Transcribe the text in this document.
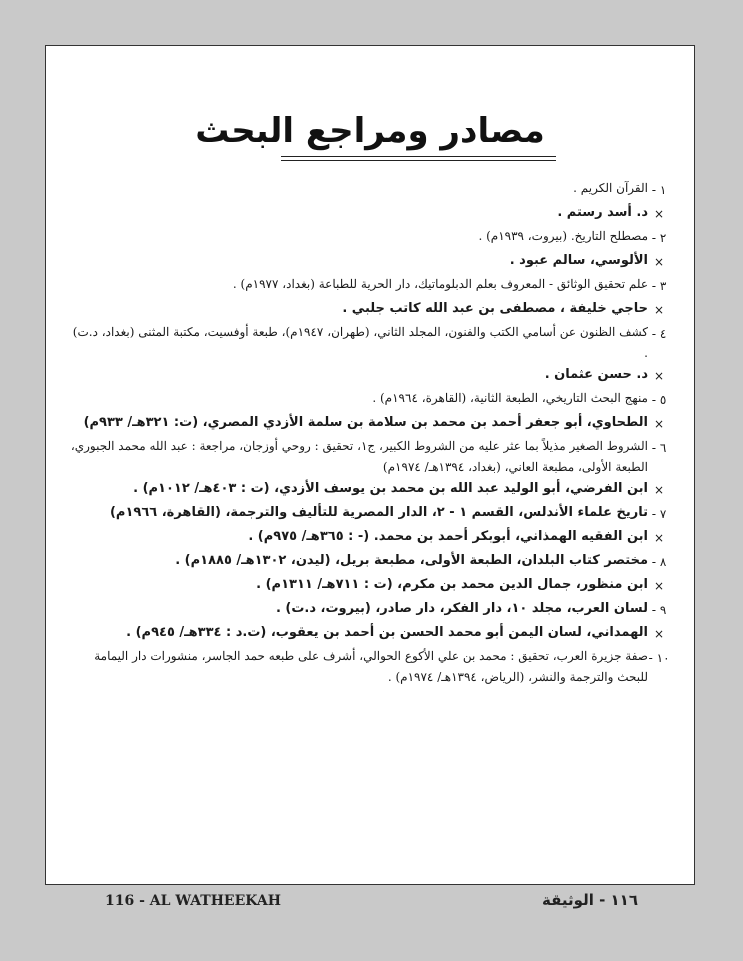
مصادر ومراجع البحث
١ -
القرآن الكريم .
×
د. أسد رستم .
٢ -
مصطلح التاريخ. (بيروت، ١٩٣٩م) .
×
الألوسي، سالم عبود .
٣ -
علم تحقيق الوثائق - المعروف بعلم الدبلوماتيك، دار الحرية للطباعة (بغداد، ١٩٧٧م) .
×
حاجي خليفة ، مصطفى بن عبد الله كاتب جلبي .
٤ -
كشف الظنون عن أسامي الكتب والفنون، المجلد الثاني، (طهران، ١٩٤٧م)، طبعة أوفسيت، مكتبة المثنى (بغداد، د.ت) .
×
د. حسن عثمان .
٥ -
منهج البحث التاريخي، الطبعة الثانية، (القاهرة، ١٩٦٤م) .
×
الطحاوي، أبو جعفر أحمد بن محمد بن سلامة بن سلمة الأزدي المصري، (ت: ٣٢١هـ/ ٩٣٣م)
٦ -
الشروط الصغير مذيلاً بما عثر عليه من الشروط الكبير، ج١، تحقيق : روحي أوزجان، مراجعة : عبد الله محمد الجبوري، الطبعة الأولى، مطبعة العاني، (بغداد، ١٣٩٤هـ/ ١٩٧٤م)
×
ابن الفرضي، أبو الوليد عبد الله بن محمد بن يوسف الأزدي، (ت : ٤٠٣هـ/ ١٠١٢م) .
٧ -
تاريخ علماء الأندلس، القسم ١ - ٢، الدار المصرية للتأليف والترجمة، (القاهرة، ١٩٦٦م)
×
ابن الفقيه الهمذاني، أبوبكر أحمد بن محمد. (- : ٣٦٥هـ/ ٩٧٥م) .
٨ -
مختصر كتاب البلدان، الطبعة الأولى، مطبعة بريل، (ليدن، ١٣٠٢هـ/ ١٨٨٥م) .
×
ابن منظور، جمال الدين محمد بن مكرم، (ت : ٧١١هـ/ ١٣١١م) .
٩ -
لسان العرب، مجلد ١٠، دار الفكر، دار صادر، (بيروت، د.ت) .
×
الهمداني، لسان اليمن أبو محمد الحسن بن أحمد بن يعقوب، (ت.د : ٣٣٤هـ/ ٩٤٥م) .
١٠ -
صفة جزيرة العرب، تحقيق : محمد بن علي الأكوع الحوالي، أشرف على طبعه حمد الجاسر، منشورات دار اليمامة للبحث والترجمة والنشر، (الرياض، ١٣٩٤هـ/ ١٩٧٤م) .
116 - AL WATHEEKAH	١١٦ - الوثيقة
